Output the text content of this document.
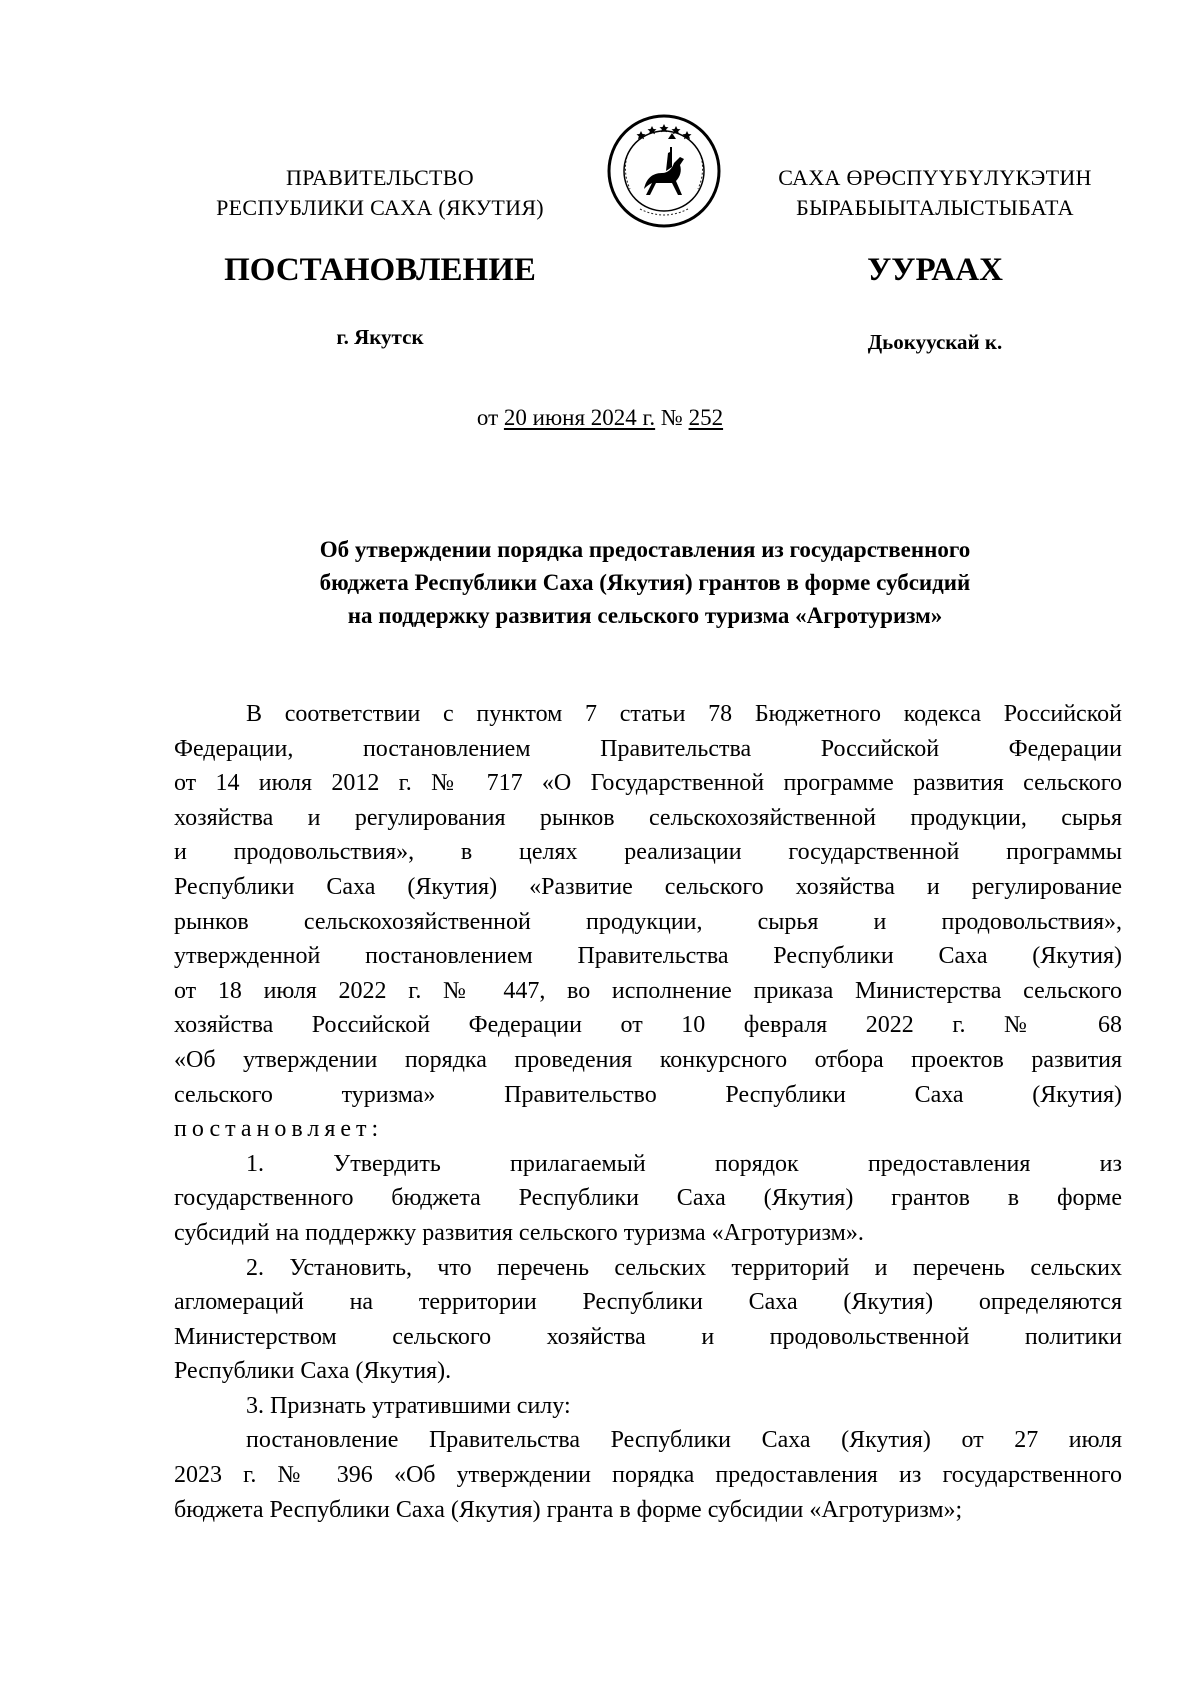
ПРАВИТЕЛЬСТВО
РЕСПУБЛИКИ САХА (ЯКУТИЯ)
САХА ӨРӨСПҮҮБҮЛҮКЭТИН
БЫРАБЫЫТАЛЫСТЫБАТА
ПОСТАНОВЛЕНИЕ	УУРААХ
г. Якутск	Дьокуускай к.
от 20 июня 2024 г. № 252
Об утверждении порядка предоставления из государственного
бюджета Республики Саха (Якутия) грантов в форме субсидий
на поддержку развития сельского туризма «Агротуризм»

В соответствии с пунктом 7 статьи 78 Бюджетного кодекса Российской

Федерации, постановлением Правительства Российской Федерации

от 14 июля 2012 г. № 717 «О Государственной программе развития сельского

хозяйства и регулирования рынков сельскохозяйственной продукции, сырья

и продовольствия», в целях реализации государственной программы

Республики Саха (Якутия) «Развитие сельского хозяйства и регулирование

рынков сельскохозяйственной продукции, сырья и продовольствия»,

утвержденной постановлением Правительства Республики Саха (Якутия)

от 18 июля 2022 г. № 447, во исполнение приказа Министерства сельского

хозяйства Российской Федерации от 10 февраля 2022 г. № 68

«Об утверждении порядка проведения конкурсного отбора проектов развития

сельского туризма» Правительство Республики Саха (Якутия)

постановляет:

1. Утвердить прилагаемый порядок предоставления из

государственного бюджета Республики Саха (Якутия) грантов в форме

субсидий на поддержку развития сельского туризма «Агротуризм».

2. Установить, что перечень сельских территорий и перечень сельских

агломераций на территории Республики Саха (Якутия) определяются

Министерством сельского хозяйства и продовольственной политики

Республики Саха (Якутия).

3. Признать утратившими силу:

постановление Правительства Республики Саха (Якутия) от 27 июля

2023 г. № 396 «Об утверждении порядка предоставления из государственного

бюджета Республики Саха (Якутия) гранта в форме субсидии «Агротуризм»;
